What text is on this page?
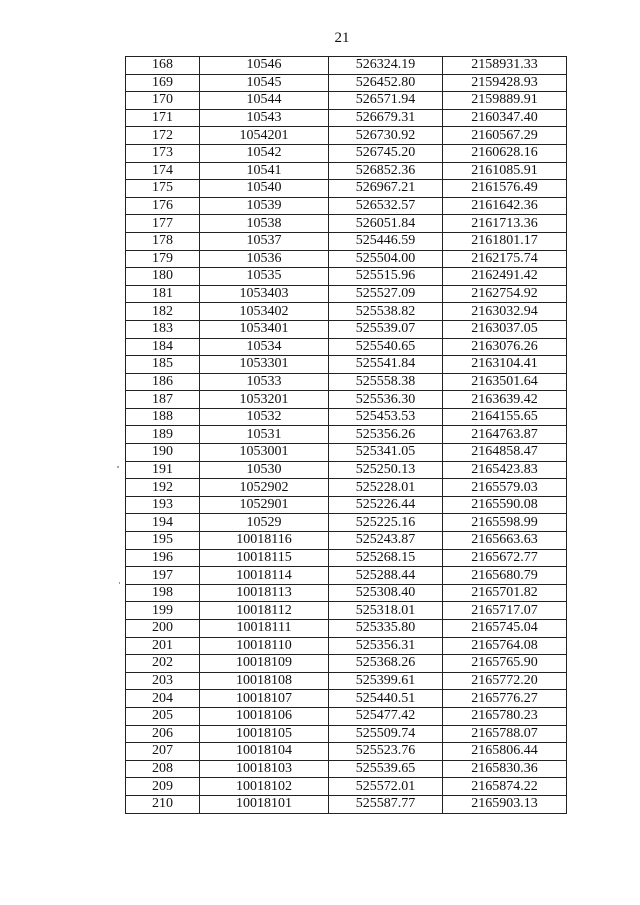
21
168	10546	526324.19	2158931.33
169	10545	526452.80	2159428.93
170	10544	526571.94	2159889.91
171	10543	526679.31	2160347.40
172	1054201	526730.92	2160567.29
173	10542	526745.20	2160628.16
174	10541	526852.36	2161085.91
175	10540	526967.21	2161576.49
176	10539	526532.57	2161642.36
177	10538	526051.84	2161713.36
178	10537	525446.59	2161801.17
179	10536	525504.00	2162175.74
180	10535	525515.96	2162491.42
181	1053403	525527.09	2162754.92
182	1053402	525538.82	2163032.94
183	1053401	525539.07	2163037.05
184	10534	525540.65	2163076.26
185	1053301	525541.84	2163104.41
186	10533	525558.38	2163501.64
187	1053201	525536.30	2163639.42
188	10532	525453.53	2164155.65
189	10531	525356.26	2164763.87
190	1053001	525341.05	2164858.47
191	10530	525250.13	2165423.83
192	1052902	525228.01	2165579.03
193	1052901	525226.44	2165590.08
194	10529	525225.16	2165598.99
195	10018116	525243.87	2165663.63
196	10018115	525268.15	2165672.77
197	10018114	525288.44	2165680.79
198	10018113	525308.40	2165701.82
199	10018112	525318.01	2165717.07
200	10018111	525335.80	2165745.04
201	10018110	525356.31	2165764.08
202	10018109	525368.26	2165765.90
203	10018108	525399.61	2165772.20
204	10018107	525440.51	2165776.27
205	10018106	525477.42	2165780.23
206	10018105	525509.74	2165788.07
207	10018104	525523.76	2165806.44
208	10018103	525539.65	2165830.36
209	10018102	525572.01	2165874.22
210	10018101	525587.77	2165903.13
